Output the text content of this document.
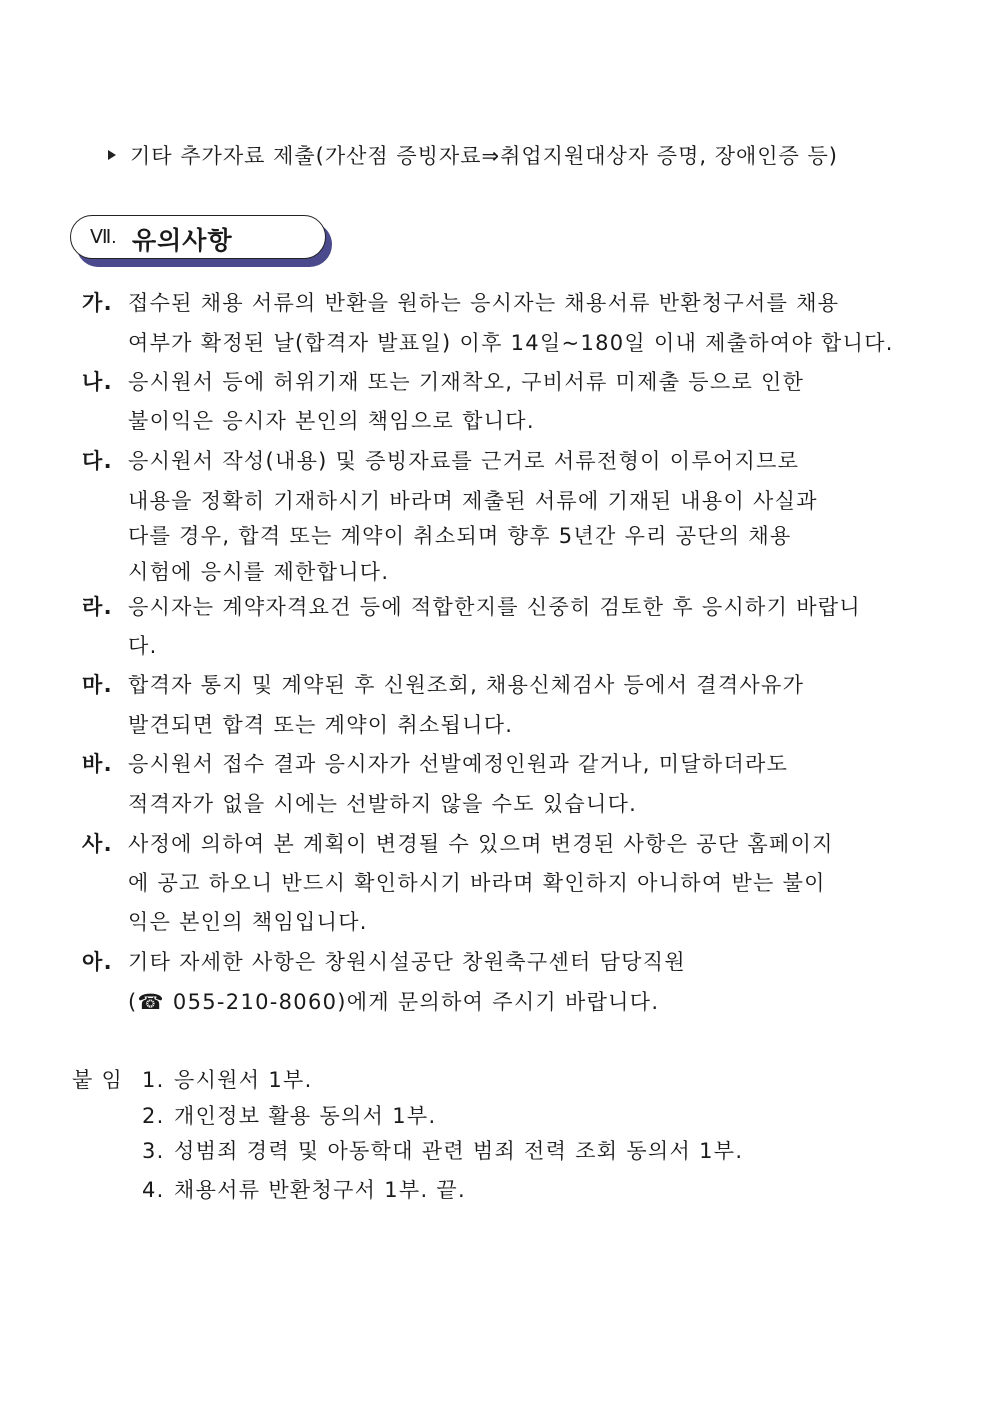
기타 추가자료 제출(가산점 증빙자료⇒취업지원대상자 증명, 장애인증 등)
Ⅶ. 유의사항
가. 접수된 채용 서류의 반환을 원하는 응시자는 채용서류 반환청구서를 채용
여부가 확정된 날(합격자 발표일) 이후 14일~180일 이내 제출하여야 합니다.
나. 응시원서 등에 허위기재 또는 기재착오, 구비서류 미제출 등으로 인한
불이익은 응시자 본인의 책임으로 합니다.
다. 응시원서 작성(내용) 및 증빙자료를 근거로 서류전형이 이루어지므로
내용을 정확히 기재하시기 바라며 제출된 서류에 기재된 내용이 사실과
다를 경우, 합격 또는 계약이 취소되며 향후 5년간 우리 공단의 채용
시험에 응시를 제한합니다.
라. 응시자는 계약자격요건 등에 적합한지를 신중히 검토한 후 응시하기 바랍니
다.
마. 합격자 통지 및 계약된 후 신원조회, 채용신체검사 등에서 결격사유가
발견되면 합격 또는 계약이 취소됩니다.
바. 응시원서 접수 결과 응시자가 선발예정인원과 같거나, 미달하더라도
적격자가 없을 시에는 선발하지 않을 수도 있습니다.
사. 사정에 의하여 본 계획이 변경될 수 있으며 변경된 사항은 공단 홈페이지
에 공고 하오니 반드시 확인하시기 바라며 확인하지 아니하여 받는 불이
익은 본인의 책임입니다.
아. 기타 자세한 사항은 창원시설공단 창원축구센터 담당직원
(☎ 055-210-8060)에게 문의하여 주시기 바랍니다.
붙 임 1. 응시원서 1부.
2. 개인정보 활용 동의서 1부.
3. 성범죄 경력 및 아동학대 관련 범죄 전력 조회 동의서 1부.
4. 채용서류 반환청구서 1부. 끝.
